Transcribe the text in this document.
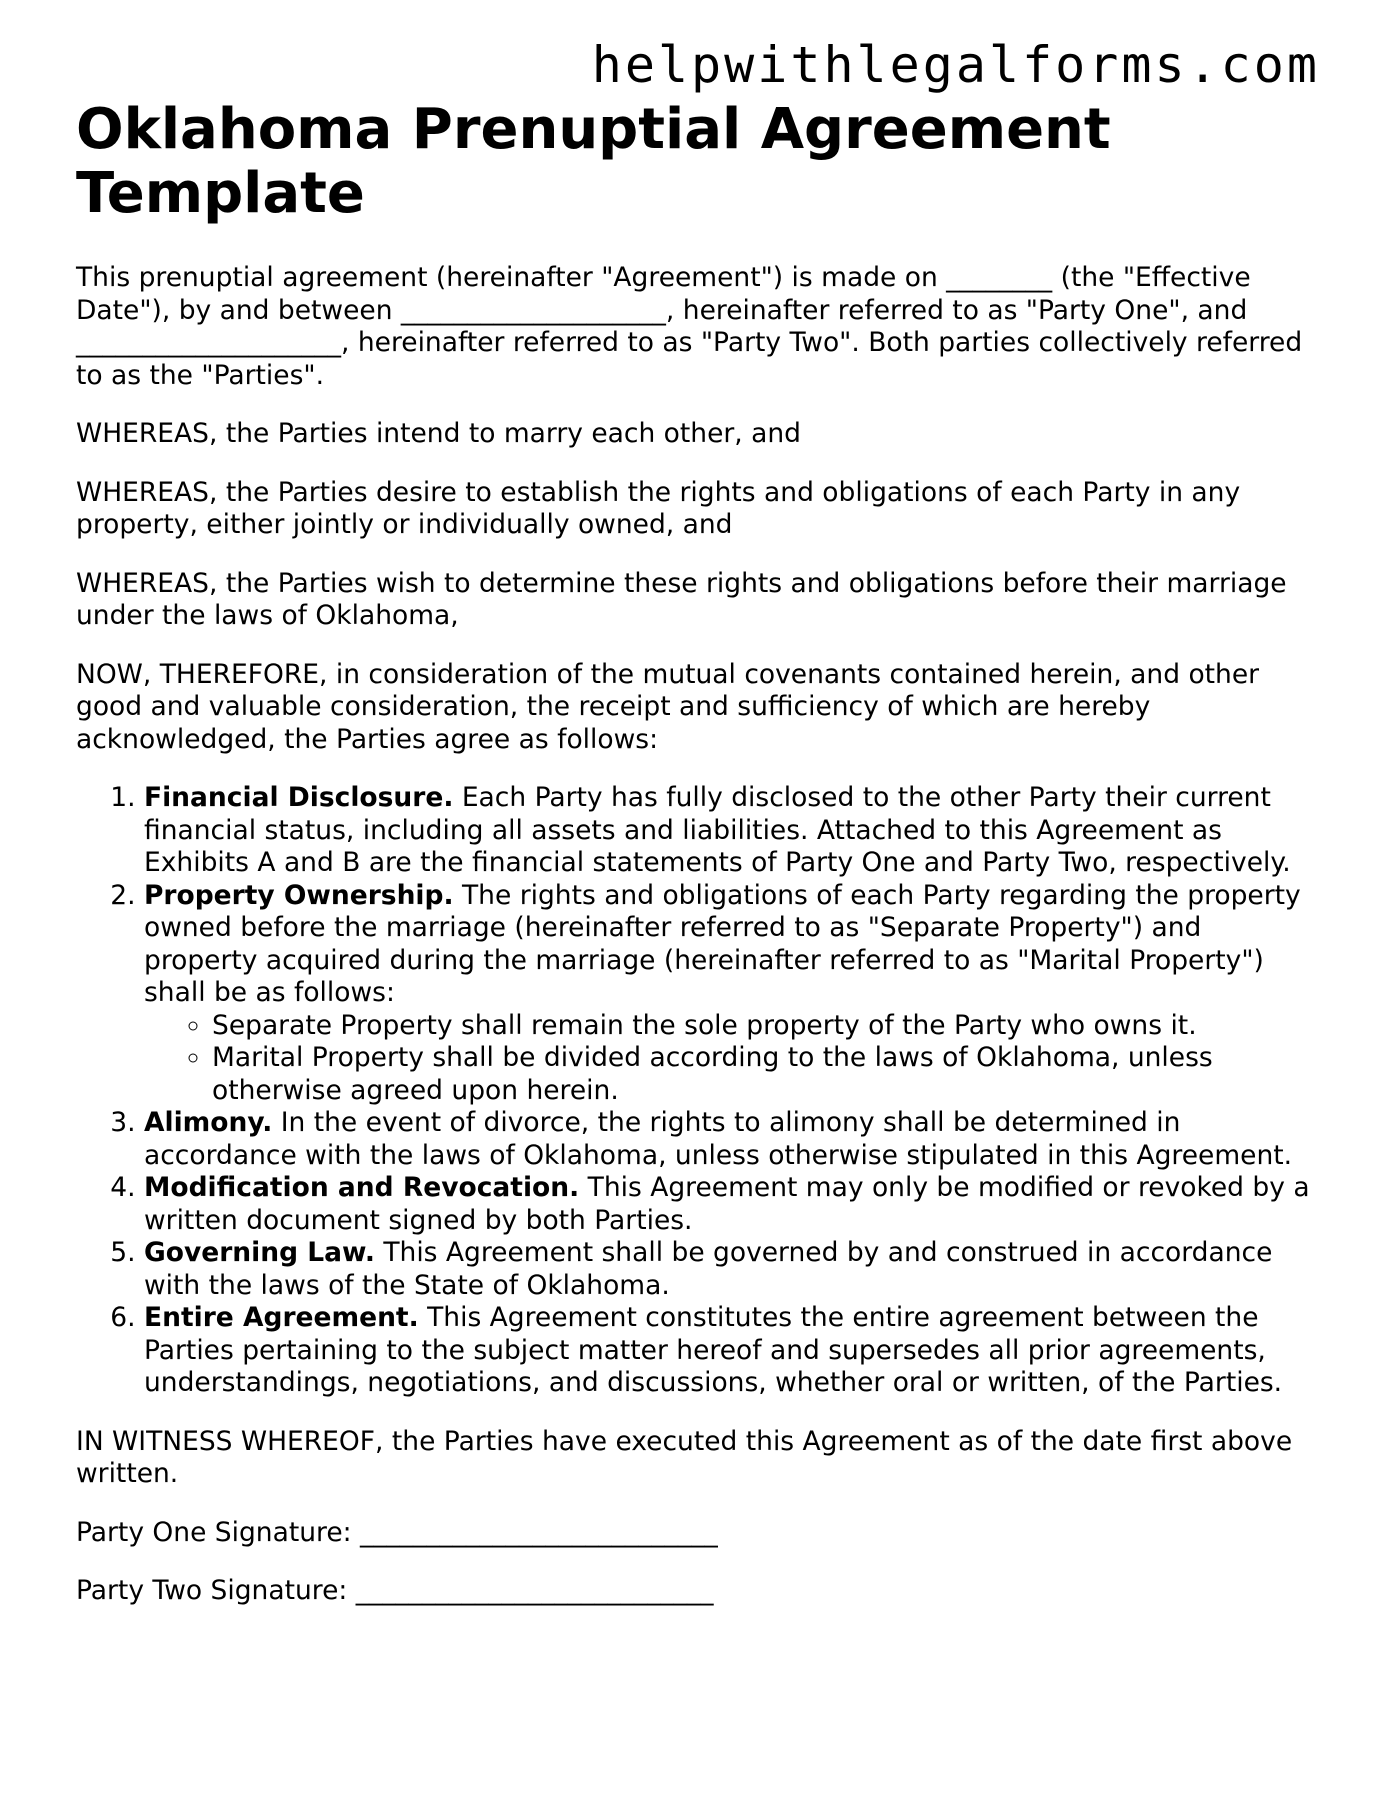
helpwithlegalforms.com
Oklahoma Prenuptial Agreement Template

This prenuptial agreement (hereinafter "Agreement") is made on ________ (the "Effective Date"), by and between ____________________, hereinafter referred to as "Party One", and ____________________, hereinafter referred to as "Party Two". Both parties collectively referred to as the "Parties".

WHEREAS, the Parties intend to marry each other, and

WHEREAS, the Parties desire to establish the rights and obligations of each Party in any property, either jointly or individually owned, and

WHEREAS, the Parties wish to determine these rights and obligations before their marriage under the laws of Oklahoma,

NOW, THEREFORE, in consideration of the mutual covenants contained herein, and other good and valuable consideration, the receipt and sufficiency of which are hereby acknowledged, the Parties agree as follows:

1. Financial Disclosure. Each Party has fully disclosed to the other Party their current financial status, including all assets and liabilities. Attached to this Agreement as Exhibits A and B are the financial statements of Party One and Party Two, respectively.
2. Property Ownership. The rights and obligations of each Party regarding the property owned before the marriage (hereinafter referred to as "Separate Property") and property acquired during the marriage (hereinafter referred to as "Marital Property") shall be as follows:
◦ Separate Property shall remain the sole property of the Party who owns it.
◦ Marital Property shall be divided according to the laws of Oklahoma, unless otherwise agreed upon herein.
3. Alimony. In the event of divorce, the rights to alimony shall be determined in accordance with the laws of Oklahoma, unless otherwise stipulated in this Agreement.
4. Modification and Revocation. This Agreement may only be modified or revoked by a written document signed by both Parties.
5. Governing Law. This Agreement shall be governed by and construed in accordance with the laws of the State of Oklahoma.
6. Entire Agreement. This Agreement constitutes the entire agreement between the Parties pertaining to the subject matter hereof and supersedes all prior agreements, understandings, negotiations, and discussions, whether oral or written, of the Parties.

IN WITNESS WHEREOF, the Parties have executed this Agreement as of the date first above written.

Party One Signature: ___________________________

Party Two Signature: ___________________________
